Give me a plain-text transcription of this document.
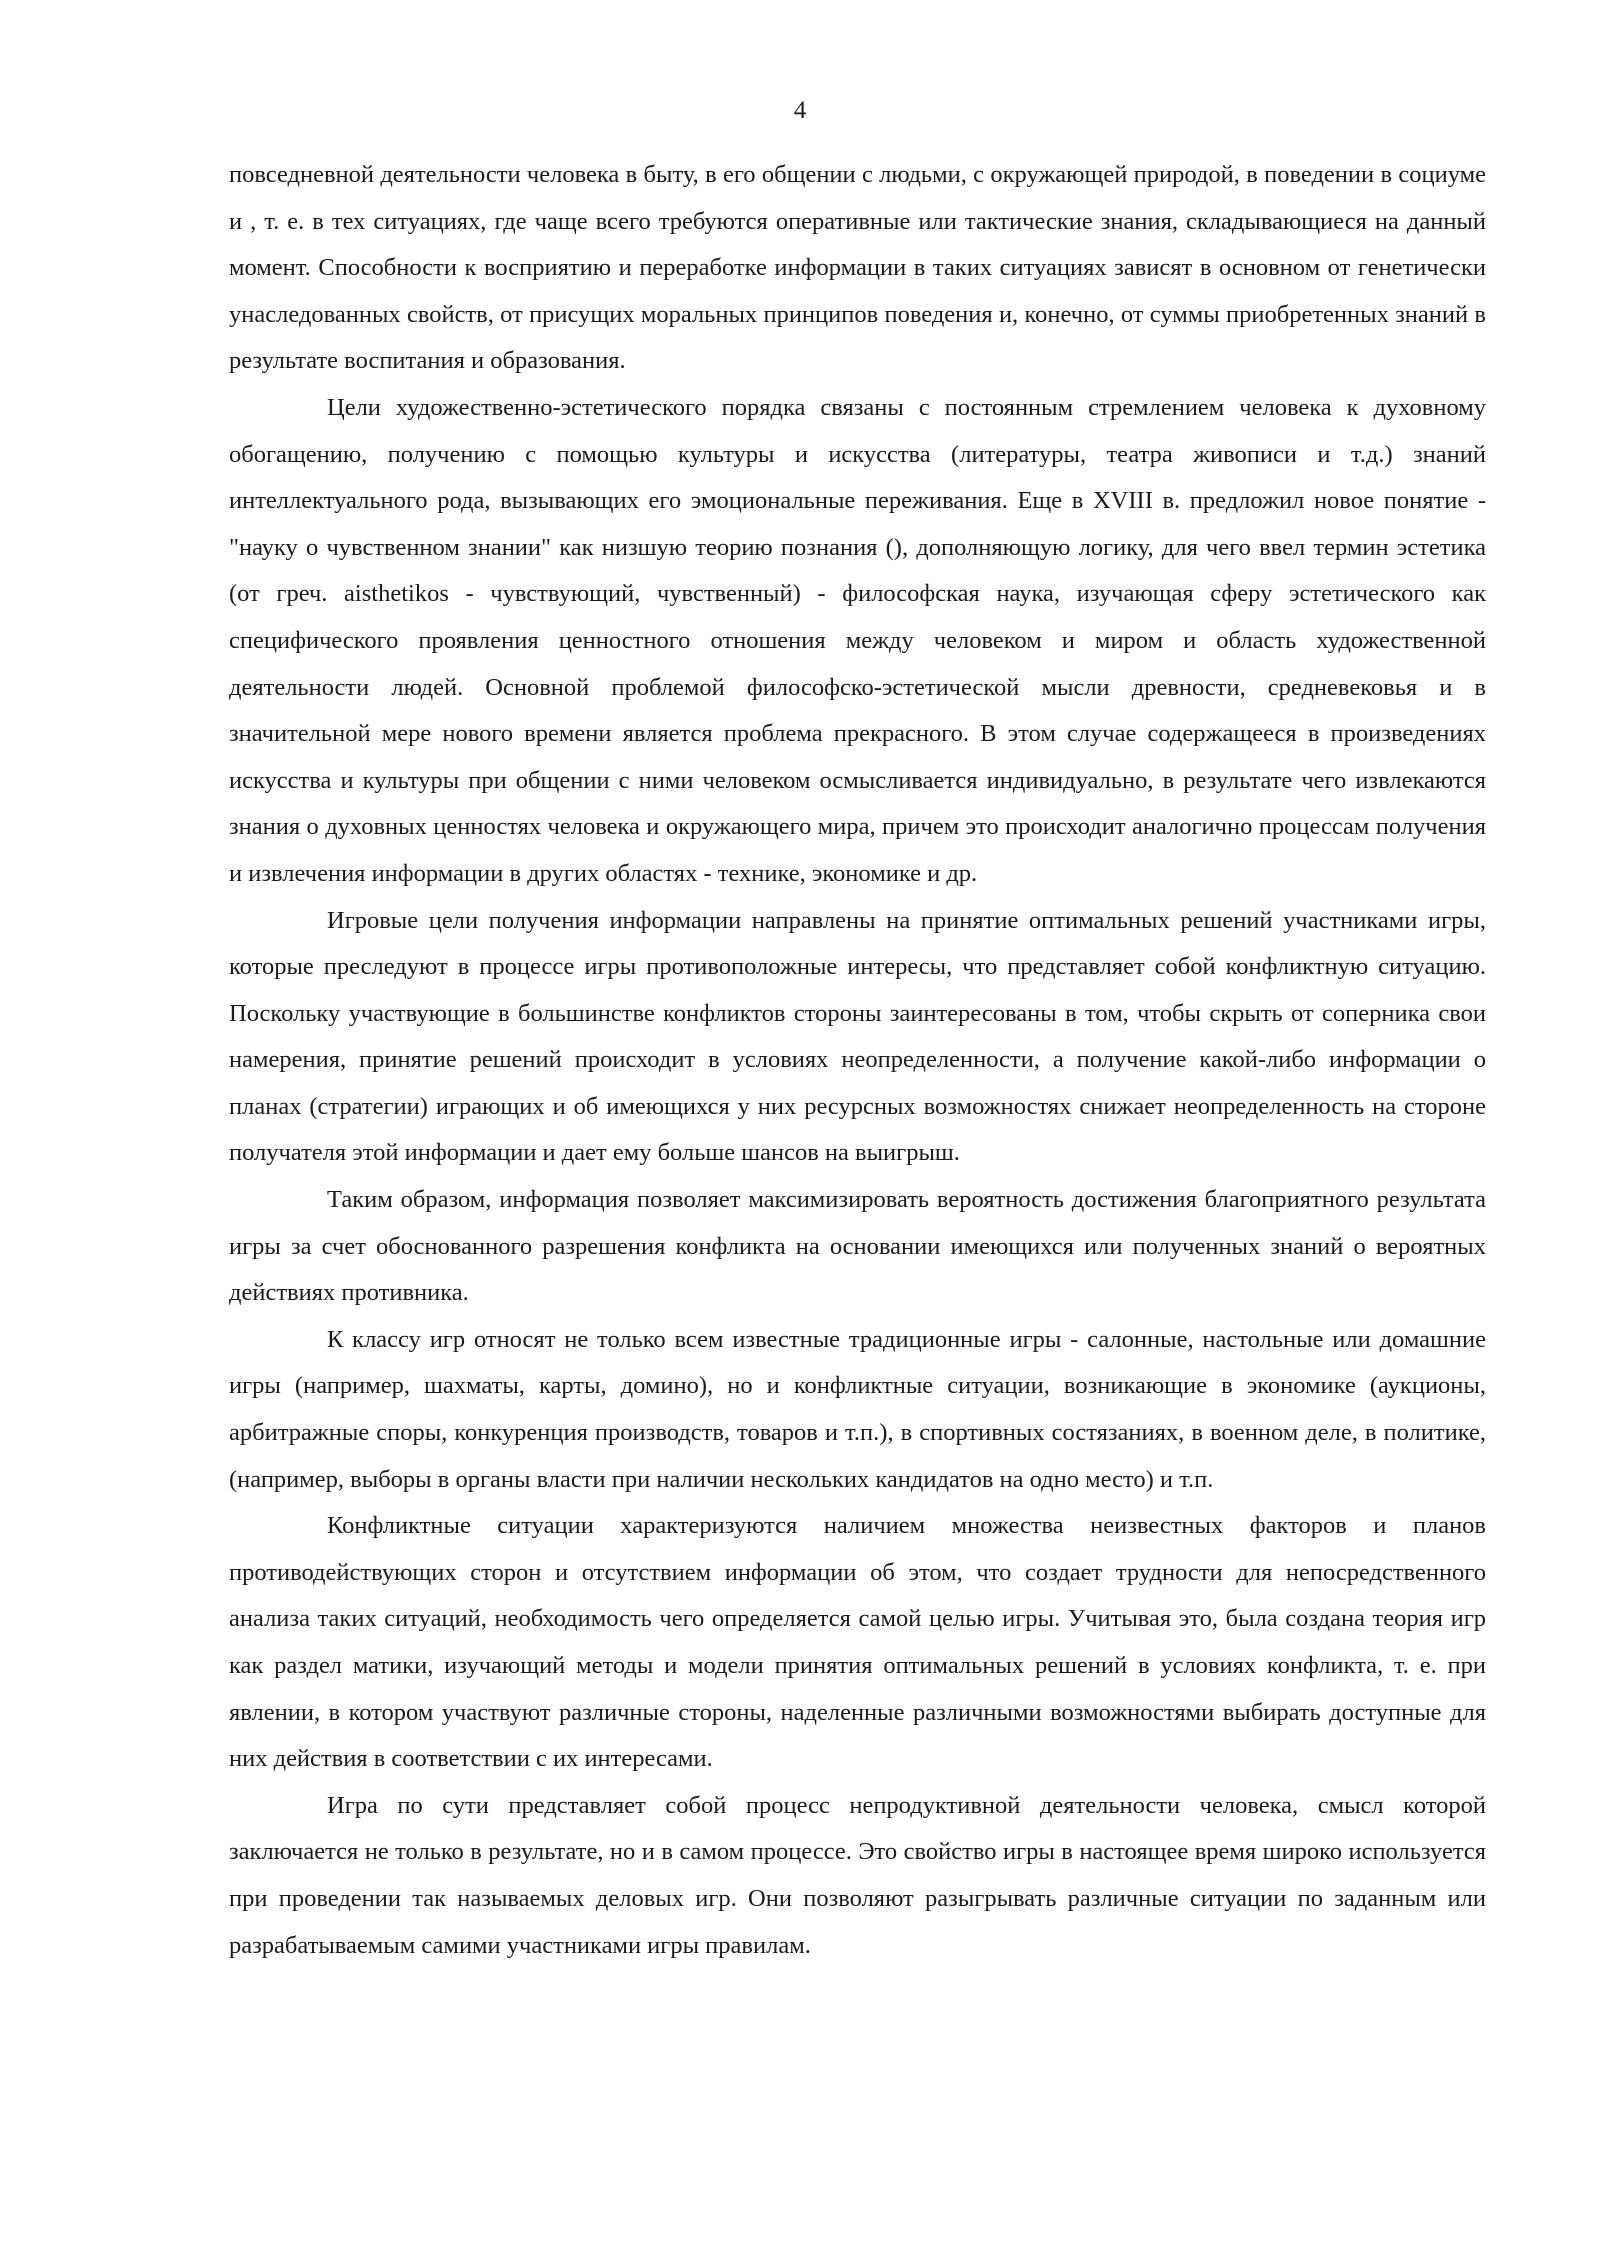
4

повседневной деятельности человека в быту, в его общении с людьми, с окружающей природой, в поведении в социуме и , т. е. в тех ситуациях, где чаще всего требуются оперативные или тактические знания, складывающиеся на данный момент. Способности к восприятию и переработке информации в таких ситуациях зависят в основном от генетически унаследованных свойств, от присущих моральных принципов поведения и, конечно, от суммы приобретенных знаний в результате воспитания и образования.

Цели художественно-эстетического порядка связаны с постоянным стремлением человека к духовному обогащению, получению с помощью культуры и искусства (литературы, театра живописи и т.д.) знаний интеллектуального рода, вызывающих его эмоциональные переживания. Еще в XVIII в. предложил новое понятие - "науку о чувственном знании" как низшую теорию познания (), дополняющую логику, для чего ввел термин эстетика (от греч. aisthetikos - чувствующий, чувственный) - философская наука, изучающая сферу эстетического как специфического проявления ценностного отношения между человеком и миром и область художественной деятельности людей. Основной проблемой философско-эстетической мысли древности, средневековья и в значительной мере нового времени является проблема прекрасного. В этом случае содержащееся в произведениях искусства и культуры при общении с ними человеком осмысливается индивидуально, в результате чего извлекаются знания о духовных ценностях человека и окружающего мира, причем это происходит аналогично процессам получения и извлечения информации в других областях - технике, экономике и др.

Игровые цели получения информации направлены на принятие оптимальных решений участниками игры, которые преследуют в процессе игры противоположные интересы, что представляет собой конфликтную ситуацию. Поскольку участвующие в большинстве конфликтов стороны заинтересованы в том, чтобы скрыть от соперника свои намерения, принятие решений происходит в условиях неопределенности, а получение какой-либо информации о планах (стратегии) играющих и об имеющихся у них ресурсных возможностях снижает неопределенность на стороне получателя этой информации и дает ему больше шансов на выигрыш.

Таким образом, информация позволяет максимизировать вероятность достижения благоприятного результата игры за счет обоснованного разрешения конфликта на основании имеющихся или полученных знаний о вероятных действиях противника.

К классу игр относят не только всем известные традиционные игры - салонные, настольные или домашние игры (например, шахматы, карты, домино), но и конфликтные ситуации, возникающие в экономике (аукционы, арбитражные споры, конкуренция производств, товаров и т.п.), в спортивных состязаниях, в военном деле, в политике, (например, выборы в органы власти при наличии нескольких кандидатов на одно место) и т.п.

Конфликтные ситуации характеризуются наличием множества неизвестных факторов и планов противодействующих сторон и отсутствием информации об этом, что создает трудности для непосредственного анализа таких ситуаций, необходимость чего определяется самой целью игры. Учитывая это, была создана теория игр как раздел матики, изучающий методы и модели принятия оптимальных решений в условиях конфликта, т. е. при явлении, в котором участвуют различные стороны, наделенные различными возможностями выбирать доступные для них действия в соответствии с их интересами.

Игра по сути представляет собой процесс непродуктивной деятельности человека, смысл которой заключается не только в результате, но и в самом процессе. Это свойство игры в настоящее время широко используется при проведении так называемых деловых игр. Они позволяют разыгрывать различные ситуации по заданным или разрабатываемым самими участниками игры правилам.
